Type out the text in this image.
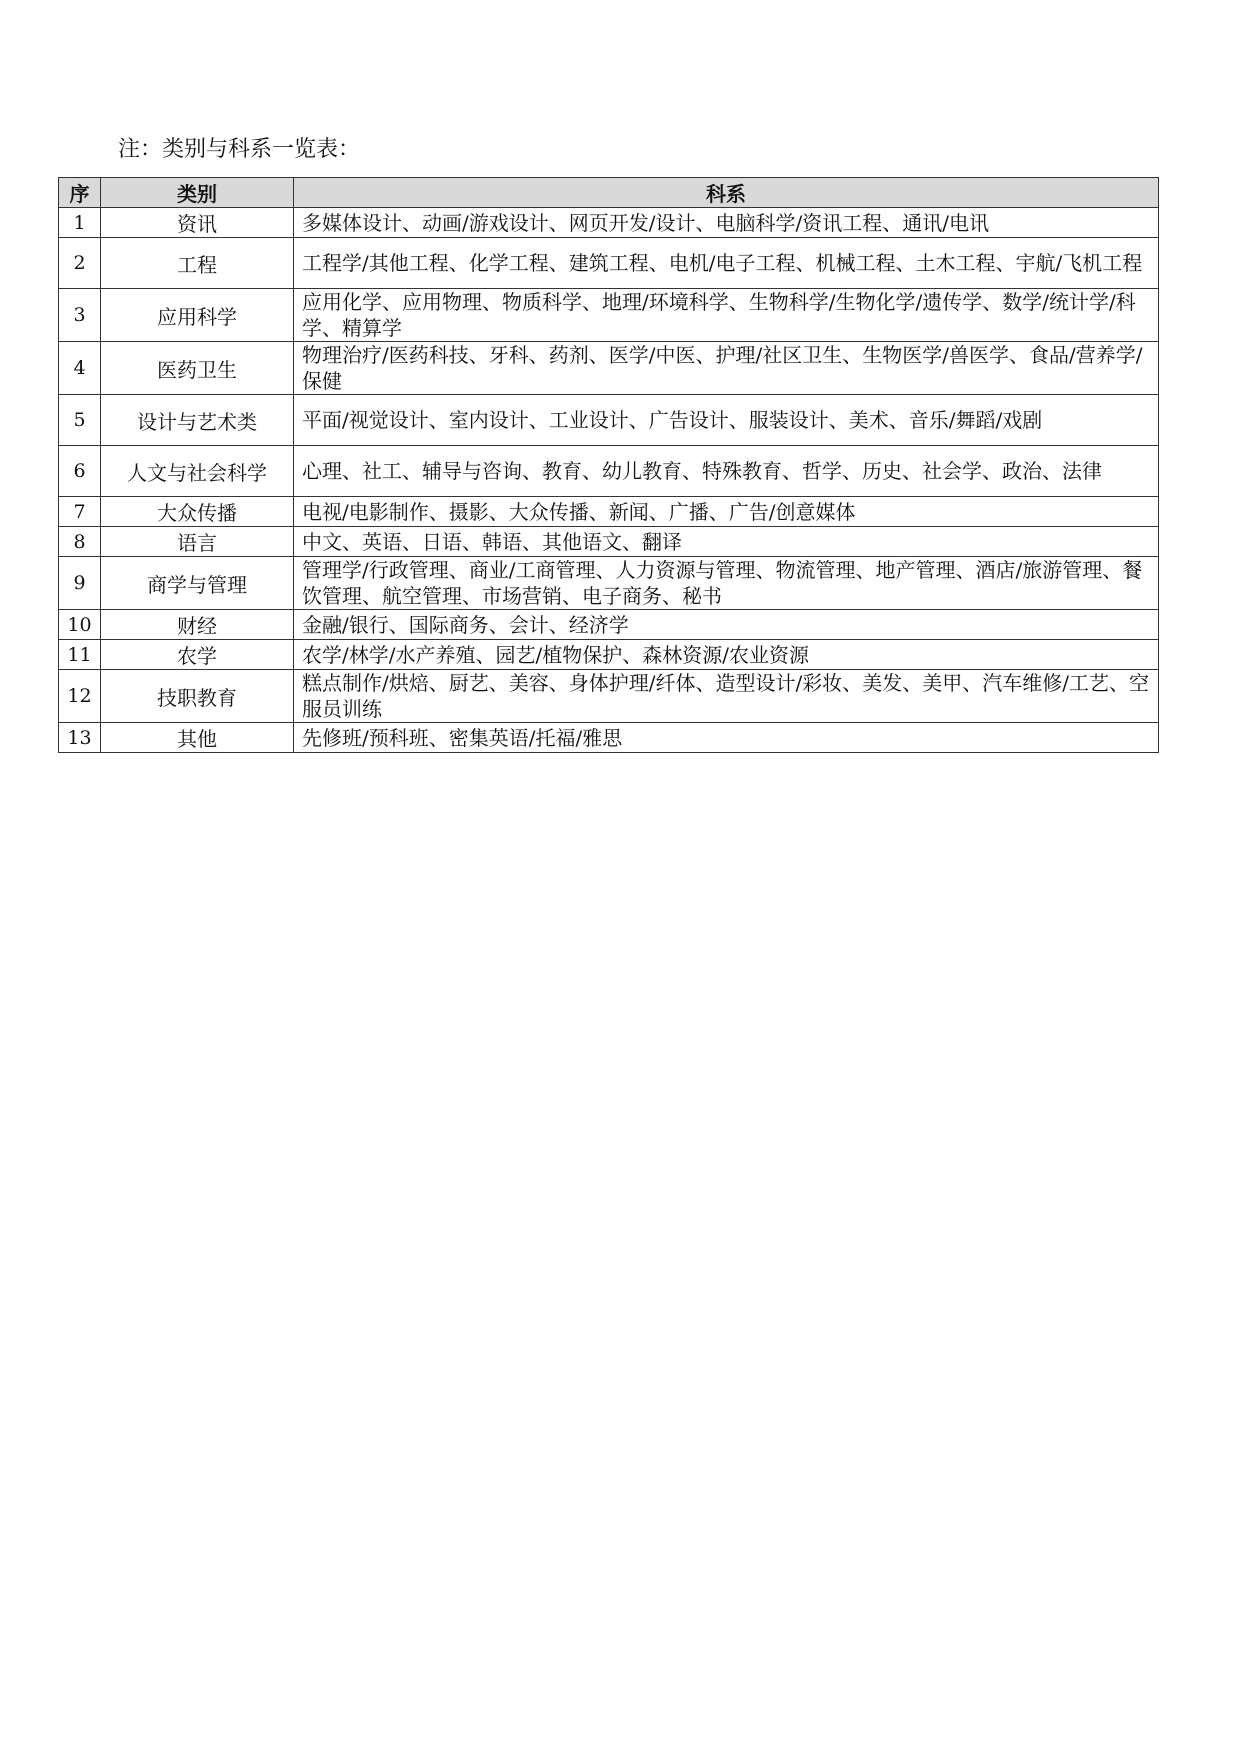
注：类别与科系一览表：
序	类别	科系
1	资讯	多媒体设计、动画/游戏设计、网页开发/设计、电脑科学/资讯工程、通讯/电讯
2	工程	工程学/其他工程、化学工程、建筑工程、电机/电子工程、机械工程、土木工程、宇航/飞机工程
3	应用科学	应用化学、应用物理、物质科学、地理/环境科学、生物科学/生物化学/遗传学、数学/统计学/科学、精算学
4	医药卫生	物理治疗/医药科技、牙科、药剂、医学/中医、护理/社区卫生、生物医学/兽医学、食品/营养学/保健
5	设计与艺术类	平面/视觉设计、室内设计、工业设计、广告设计、服装设计、美术、音乐/舞蹈/戏剧
6	人文与社会科学	心理、社工、辅导与咨询、教育、幼儿教育、特殊教育、哲学、历史、社会学、政治、法律
7	大众传播	电视/电影制作、摄影、大众传播、新闻、广播、广告/创意媒体
8	语言	中文、英语、日语、韩语、其他语文、翻译
9	商学与管理	管理学/行政管理、商业/工商管理、人力资源与管理、物流管理、地产管理、酒店/旅游管理、餐饮管理、航空管理、市场营销、电子商务、秘书
10	财经	金融/银行、国际商务、会计、经济学
11	农学	农学/林学/水产养殖、园艺/植物保护、森林资源/农业资源
12	技职教育	糕点制作/烘焙、厨艺、美容、身体护理/纤体、造型设计/彩妆、美发、美甲、汽车维修/工艺、空服员训练
13	其他	先修班/预科班、密集英语/托福/雅思
